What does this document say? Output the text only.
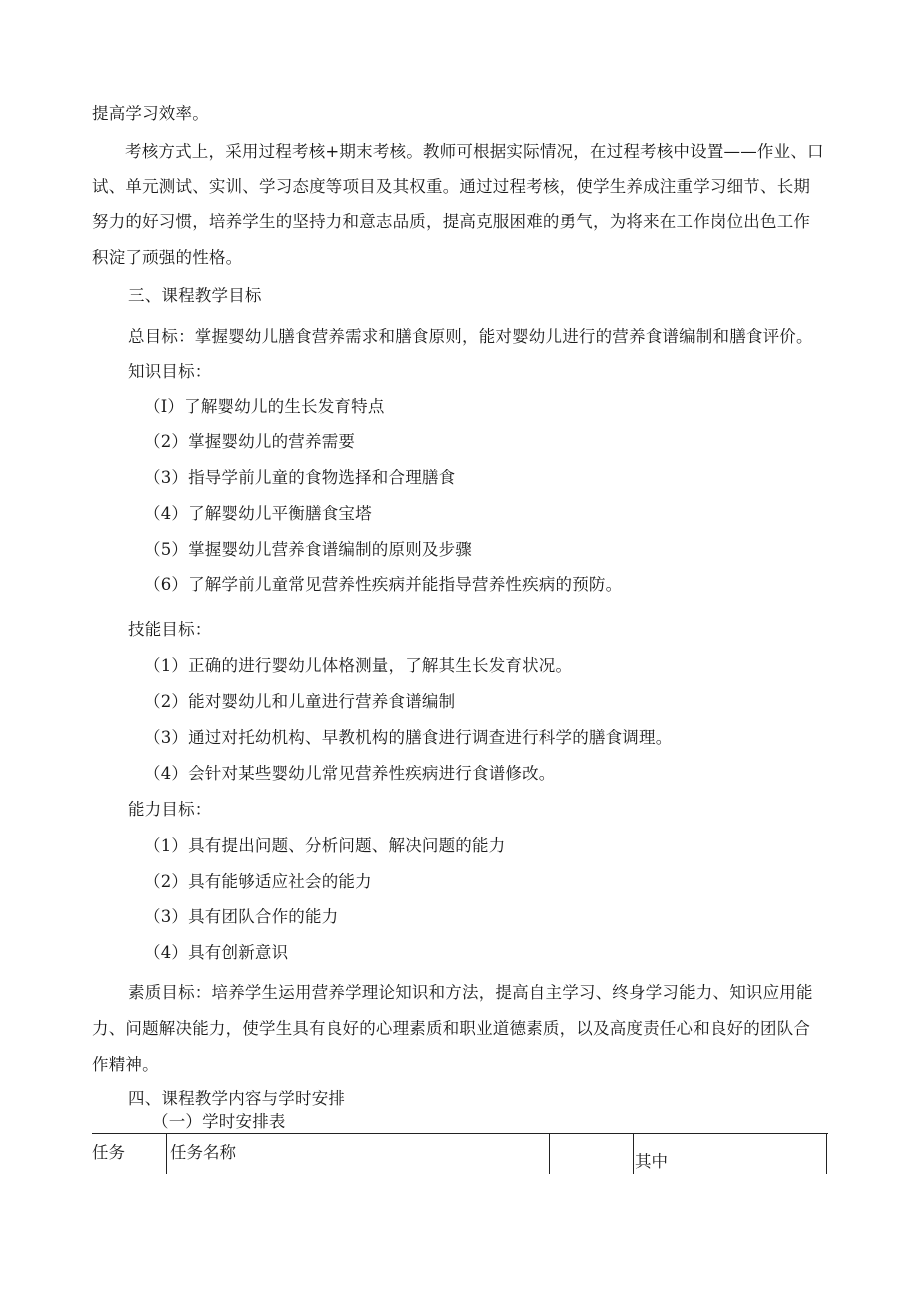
提高学习效率。
考核方式上，采用过程考核+期末考核。教师可根据实际情况，在过程考核中设置——作业、口
试、单元测试、实训、学习态度等项目及其权重。通过过程考核，使学生养成注重学习细节、长期
努力的好习惯，培养学生的坚持力和意志品质，提高克服困难的勇气，为将来在工作岗位出色工作
积淀了顽强的性格。
三、课程教学目标
总目标：掌握婴幼儿膳食营养需求和膳食原则，能对婴幼儿进行的营养食谱编制和膳食评价。
知识目标：
（I）了解婴幼儿的生长发育特点
（2）掌握婴幼儿的营养需要
（3）指导学前儿童的食物选择和合理膳食
（4）了解婴幼儿平衡膳食宝塔
（5）掌握婴幼儿营养食谱编制的原则及步骤
（6）了解学前儿童常见营养性疾病并能指导营养性疾病的预防。
技能目标：
（1）正确的进行婴幼儿体格测量，了解其生长发育状况。
（2）能对婴幼儿和儿童进行营养食谱编制
（3）通过对托幼机构、早教机构的膳食进行调查进行科学的膳食调理。
（4）会针对某些婴幼儿常见营养性疾病进行食谱修改。
能力目标：
（1）具有提出问题、分析问题、解决问题的能力
（2）具有能够适应社会的能力
（3）具有团队合作的能力
（4）具有创新意识
素质目标：培养学生运用营养学理论知识和方法，提高自主学习、终身学习能力、知识应用能
力、问题解决能力，使学生具有良好的心理素质和职业道德素质，以及高度责任心和良好的团队合
作精神。
四、课程教学内容与学时安排
（一）学时安排表
任务	任务名称	其中
